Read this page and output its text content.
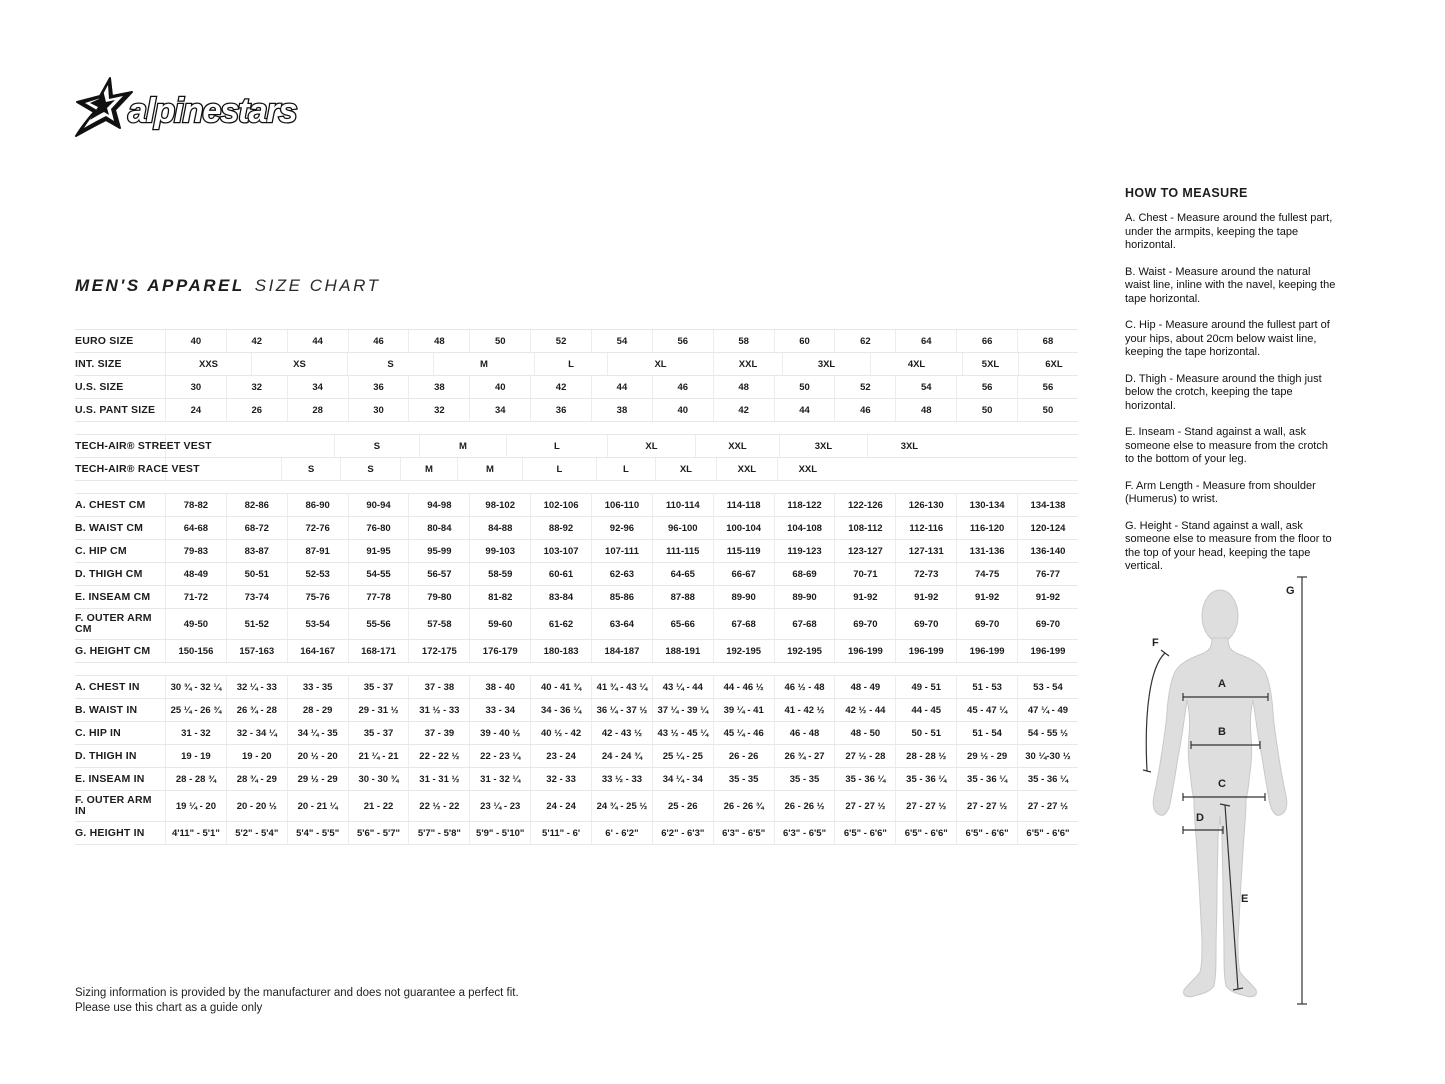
alpinestars
MEN'S APPAREL SIZE CHART
EURO SIZE	40	42	44	46	48	50	52	54	56	58	60	62	64	66	68
INT. SIZE	XXS	XS	S	M	L	XL	XXL	3XL	4XL	5XL	6XL
U.S. SIZE	30	32	34	36	38	40	42	44	46	48	50	52	54	56	56
U.S. PANT SIZE	24	26	28	30	32	34	36	38	40	42	44	46	48	50	50
TECH-AIR® STREET VEST	S	M	L	XL	XXL	3XL	3XL
TECH-AIR® RACE VEST	S	S	M	M	L	L	XL	XXL	XXL
A. CHEST CM	78-82	82-86	86-90	90-94	94-98	98-102	102-106	106-110	110-114	114-118	118-122	122-126	126-130	130-134	134-138
B. WAIST CM	64-68	68-72	72-76	76-80	80-84	84-88	88-92	92-96	96-100	100-104	104-108	108-112	112-116	116-120	120-124
C. HIP CM	79-83	83-87	87-91	91-95	95-99	99-103	103-107	107-111	111-115	115-119	119-123	123-127	127-131	131-136	136-140
D. THIGH CM	48-49	50-51	52-53	54-55	56-57	58-59	60-61	62-63	64-65	66-67	68-69	70-71	72-73	74-75	76-77
E. INSEAM CM	71-72	73-74	75-76	77-78	79-80	81-82	83-84	85-86	87-88	89-90	89-90	91-92	91-92	91-92	91-92
F. OUTER ARM CM	49-50	51-52	53-54	55-56	57-58	59-60	61-62	63-64	65-66	67-68	67-68	69-70	69-70	69-70	69-70
G. HEIGHT CM	150-156	157-163	164-167	168-171	172-175	176-179	180-183	184-187	188-191	192-195	192-195	196-199	196-199	196-199	196-199
A. CHEST IN	30 ¾ - 32 ¼	32 ¼ - 33	33 - 35	35 - 37	37 - 38	38 - 40	40 - 41 ¾	41 ¾ - 43 ¼	43 ¼ - 44	44 - 46 ½	46 ½ - 48	48 - 49	49 - 51	51 - 53	53 - 54
B. WAIST IN	25 ¼ - 26 ¾	26 ¾ - 28	28 - 29	29 - 31 ½	31 ½ - 33	33 - 34	34 - 36 ¼	36 ¼ - 37 ½	37 ¼ - 39 ¼	39 ¼ - 41	41 - 42 ½	42 ½ - 44	44 - 45	45 - 47 ¼	47 ¼ - 49
C. HIP IN	31 - 32	32 - 34 ¼	34 ¼ - 35	35 - 37	37 - 39	39 - 40 ½	40 ½ - 42	42 - 43 ½	43 ½ - 45 ¼	45 ¼ - 46	46 - 48	48 - 50	50 - 51	51 - 54	54 - 55 ½
D. THIGH IN	19 - 19	19 - 20	20 ½ - 20	21 ¼ - 21	22 - 22 ½	22 - 23 ¼	23 - 24	24 - 24 ¾	25 ¼ - 25	26 - 26	26 ¾ - 27	27 ½ - 28	28 - 28 ½	29 ½ - 29	30 ¼-30 ½
E. INSEAM IN	28 - 28 ¾	28 ¾ - 29	29 ½ - 29	30 - 30 ¾	31 - 31 ½	31 - 32 ¼	32 - 33	33 ½ - 33	34 ¼ - 34	35 - 35	35 - 35	35 - 36 ¼	35 - 36 ¼	35 - 36 ¼	35 - 36 ¼
F. OUTER ARM IN	19 ¼ - 20	20 - 20 ½	20 - 21 ¼	21 - 22	22 ½ - 22	23 ¼ - 23	24 - 24	24 ¾ - 25 ½	25 - 26	26 - 26 ¾	26 - 26 ½	27 - 27 ½	27 - 27 ½	27 - 27 ½	27 - 27 ½
G. HEIGHT IN	4'11" - 5'1"	5'2" - 5'4"	5'4" - 5'5"	5'6" - 5'7"	5'7" - 5'8"	5'9" - 5'10"	5'11" - 6'	6' - 6'2"	6'2" - 6'3"	6'3" - 6'5"	6'3" - 6'5"	6'5" - 6'6"	6'5" - 6'6"	6'5" - 6'6"	6'5" - 6'6"
HOW TO MEASURE

A. Chest - Measure around the fullest part, under the armpits, keeping the tape horizontal.

B. Waist - Measure around the natural waist line, inline with the navel, keeping the tape horizontal.

C. Hip - Measure around the fullest part of your hips, about 20cm below waist line, keeping the tape horizontal.

D. Thigh - Measure around the thigh just below the crotch, keeping the tape horizontal.

E. Inseam - Stand against a wall, ask someone else to measure from the crotch to the bottom of your leg.

F. Arm Length - Measure from shoulder (Humerus) to wrist.

G. Height - Stand against a wall, ask someone else to measure from the floor to the top of your head, keeping the tape vertical.

A
B
C
D
E
F
G
Sizing information is provided by the manufacturer and does not guarantee a perfect fit.
Please use this chart as a guide only
